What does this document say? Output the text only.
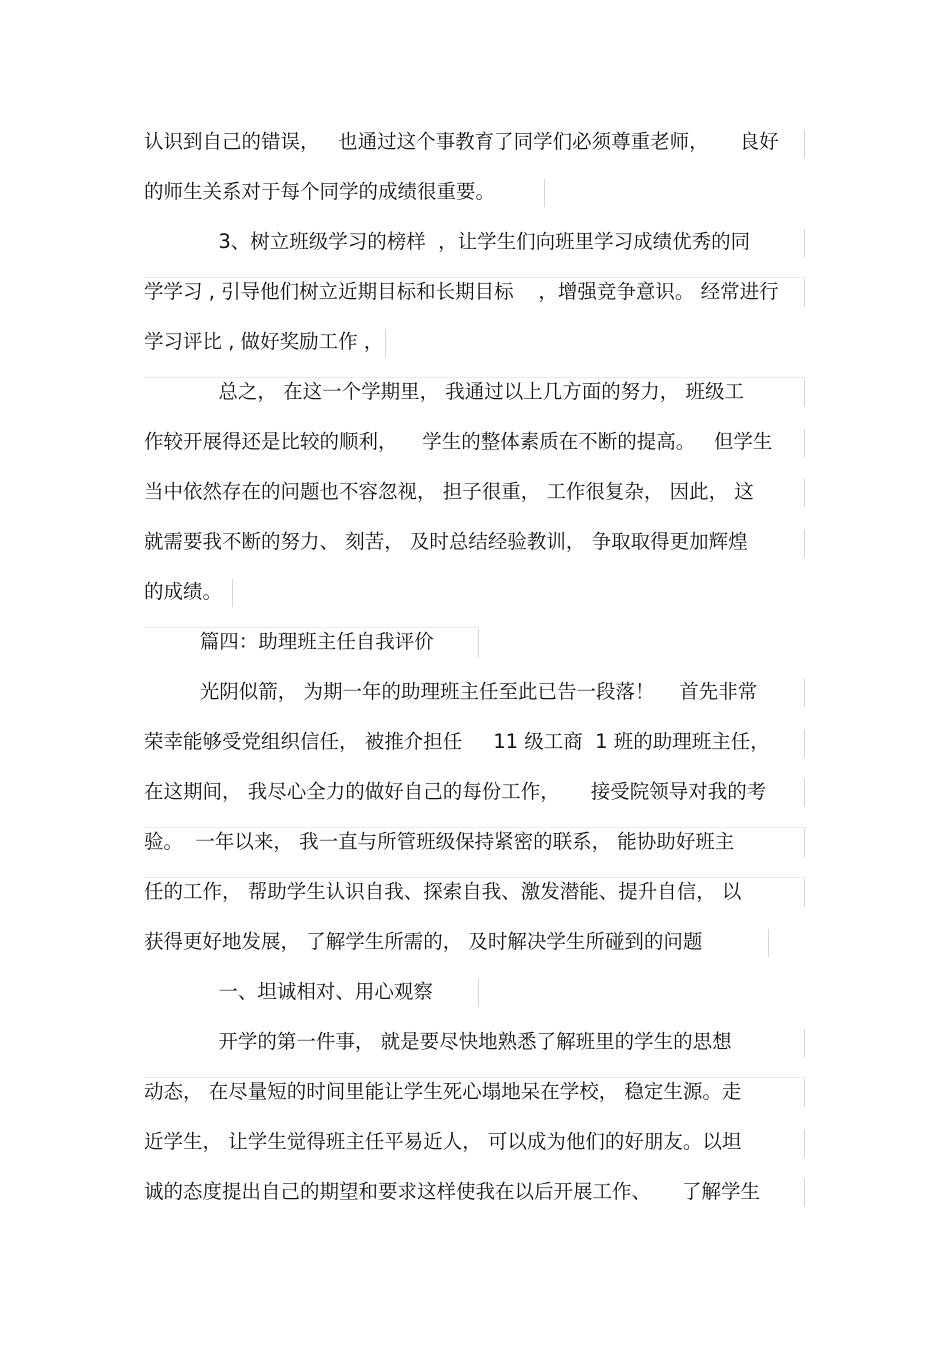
认识到自己的错误，   也通过这个事教育了同学们必须尊重老师，     良好
的师生关系对于每个同学的成绩很重要。
3、树立班级学习的榜样  ，让学生们向班里学习成绩优秀的同
学学习 , 引导他们树立近期目标和长期目标    ，增强竞争意识。 经常进行
学习评比 , 做好奖励工作 ，
总之， 在这一个学期里， 我通过以上几方面的努力， 班级工
作较开展得还是比较的顺利，    学生的整体素质在不断的提高。   但学生
当中依然存在的问题也不容忽视， 担子很重， 工作很复杂， 因此， 这
就需要我不断的努力、 刻苦， 及时总结经验教训， 争取取得更加辉煌
的成绩。
篇四：助理班主任自我评价
光阴似箭， 为期一年的助理班主任至此已告一段落！    首先非常
荣幸能够受党组织信任， 被推介担任     11 级工商  1 班的助理班主任，
在这期间， 我尽心全力的做好自己的每份工作，     接受院领导对我的考
验。  一年以来， 我一直与所管班级保持紧密的联系， 能协助好班主
任的工作， 帮助学生认识自我、探索自我、激发潜能、提升自信， 以
获得更好地发展， 了解学生所需的， 及时解决学生所碰到的问题
一、坦诚相对、用心观察
开学的第一件事， 就是要尽快地熟悉了解班里的学生的思想
动态， 在尽量短的时间里能让学生死心塌地呆在学校， 稳定生源。走
近学生， 让学生觉得班主任平易近人， 可以成为他们的好朋友。以坦
诚的态度提出自己的期望和要求这样使我在以后开展工作、     了解学生
